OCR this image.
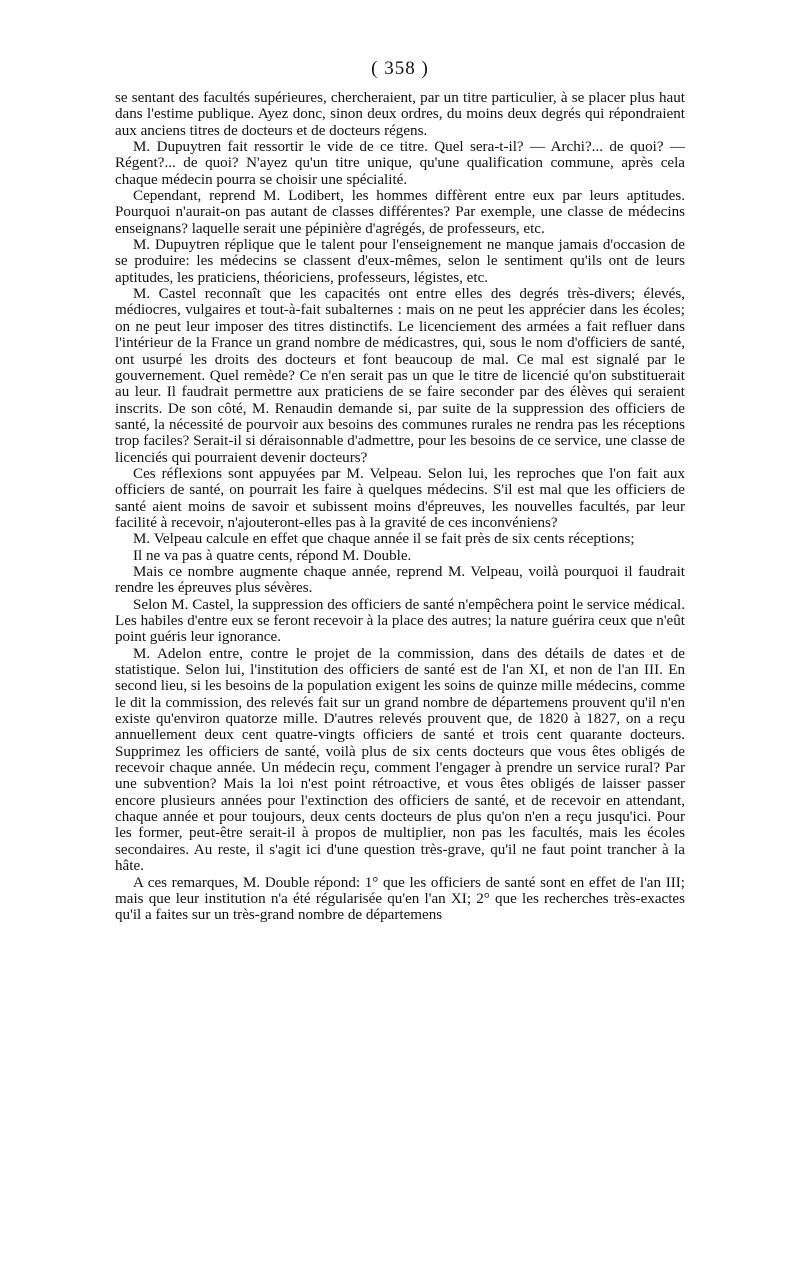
( 358 )

se sentant des facultés supérieures, chercheraient, par un titre particulier, à se placer plus haut dans l'estime publique. Ayez donc, sinon deux ordres, du moins deux degrés qui répondraient aux anciens titres de docteurs et de docteurs régens.

M. Dupuytren fait ressortir le vide de ce titre. Quel sera-t-il? — Archi?... de quoi? — Régent?... de quoi? N'ayez qu'un titre unique, qu'une qualification commune, après cela chaque médecin pourra se choisir une spécialité.

Cependant, reprend M. Lodibert, les hommes diffèrent entre eux par leurs aptitudes. Pourquoi n'aurait-on pas autant de classes différentes? Par exemple, une classe de médecins enseignans? laquelle serait une pépinière d'agrégés, de professeurs, etc.

M. Dupuytren réplique que le talent pour l'enseignement ne manque jamais d'occasion de se produire: les médecins se classent d'eux-mêmes, selon le sentiment qu'ils ont de leurs aptitudes, les praticiens, théoriciens, professeurs, légistes, etc.

M. Castel reconnaît que les capacités ont entre elles des degrés très-divers; élevés, médiocres, vulgaires et tout-à-fait subalternes : mais on ne peut les apprécier dans les écoles; on ne peut leur imposer des titres distinctifs. Le licenciement des armées a fait refluer dans l'intérieur de la France un grand nombre de médicastres, qui, sous le nom d'officiers de santé, ont usurpé les droits des docteurs et font beaucoup de mal. Ce mal est signalé par le gouvernement. Quel remède? Ce n'en serait pas un que le titre de licencié qu'on substituerait au leur. Il faudrait permettre aux praticiens de se faire seconder par des élèves qui seraient inscrits. De son côté, M. Renaudin demande si, par suite de la suppression des officiers de santé, la nécessité de pourvoir aux besoins des communes rurales ne rendra pas les réceptions trop faciles? Serait-il si déraisonnable d'admettre, pour les besoins de ce service, une classe de licenciés qui pourraient devenir docteurs?

Ces réflexions sont appuyées par M. Velpeau. Selon lui, les reproches que l'on fait aux officiers de santé, on pourrait les faire à quelques médecins. S'il est mal que les officiers de santé aient moins de savoir et subissent moins d'épreuves, les nouvelles facultés, par leur facilité à recevoir, n'ajouteront-elles pas à la gravité de ces inconvéniens?

M. Velpeau calcule en effet que chaque année il se fait près de six cents réceptions;

Il ne va pas à quatre cents, répond M. Double.

Mais ce nombre augmente chaque année, reprend M. Velpeau, voilà pourquoi il faudrait rendre les épreuves plus sévères.

Selon M. Castel, la suppression des officiers de santé n'empêchera point le service médical. Les habiles d'entre eux se feront recevoir à la place des autres; la nature guérira ceux que n'eût point guéris leur ignorance.

M. Adelon entre, contre le projet de la commission, dans des détails de dates et de statistique. Selon lui, l'institution des officiers de santé est de l'an XI, et non de l'an III. En second lieu, si les besoins de la population exigent les soins de quinze mille médecins, comme le dit la commission, des relevés fait sur un grand nombre de départemens prouvent qu'il n'en existe qu'environ quatorze mille. D'autres relevés prouvent que, de 1820 à 1827, on a reçu annuellement deux cent quatre-vingts officiers de santé et trois cent quarante docteurs. Supprimez les officiers de santé, voilà plus de six cents docteurs que vous êtes obligés de recevoir chaque année. Un médecin reçu, comment l'engager à prendre un service rural? Par une subvention? Mais la loi n'est point rétroactive, et vous êtes obligés de laisser passer encore plusieurs années pour l'extinction des officiers de santé, et de recevoir en attendant, chaque année et pour toujours, deux cents docteurs de plus qu'on n'en a reçu jusqu'ici. Pour les former, peut-être serait-il à propos de multiplier, non pas les facultés, mais les écoles secondaires. Au reste, il s'agit ici d'une question très-grave, qu'il ne faut point trancher à la hâte.

A ces remarques, M. Double répond: 1° que les officiers de santé sont en effet de l'an III; mais que leur institution n'a été régularisée qu'en l'an XI; 2° que les recherches très-exactes qu'il a faites sur un très-grand nombre de départemens
